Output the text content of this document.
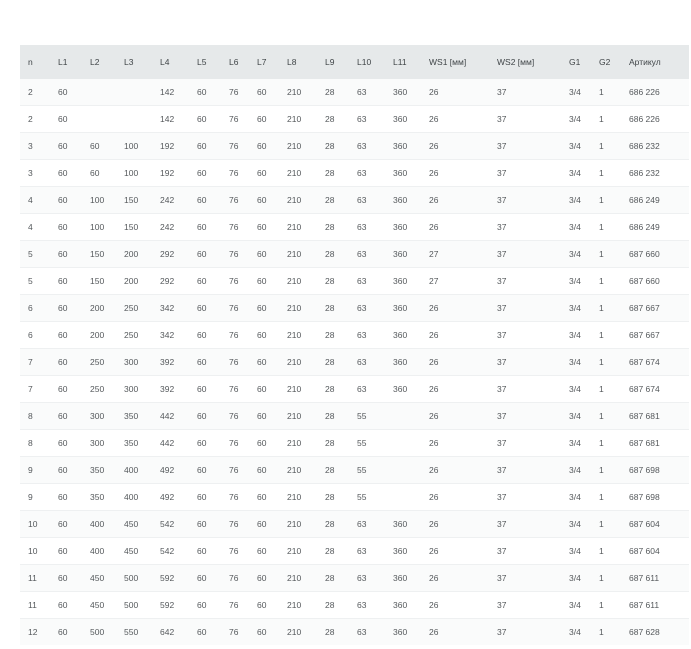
n	L1	L2	L3	L4	L5	L6	L7	L8	L9	L10	L11	WS1 [мм]	WS2 [мм]	G1	G2	Артикул
2	60			142	60	76	60	210	28	63	360	26	37	3/4	1	686 226
2	60			142	60	76	60	210	28	63	360	26	37	3/4	1	686 226
3	60	60	100	192	60	76	60	210	28	63	360	26	37	3/4	1	686 232
3	60	60	100	192	60	76	60	210	28	63	360	26	37	3/4	1	686 232
4	60	100	150	242	60	76	60	210	28	63	360	26	37	3/4	1	686 249
4	60	100	150	242	60	76	60	210	28	63	360	26	37	3/4	1	686 249
5	60	150	200	292	60	76	60	210	28	63	360	27	37	3/4	1	687 660
5	60	150	200	292	60	76	60	210	28	63	360	27	37	3/4	1	687 660
6	60	200	250	342	60	76	60	210	28	63	360	26	37	3/4	1	687 667
6	60	200	250	342	60	76	60	210	28	63	360	26	37	3/4	1	687 667
7	60	250	300	392	60	76	60	210	28	63	360	26	37	3/4	1	687 674
7	60	250	300	392	60	76	60	210	28	63	360	26	37	3/4	1	687 674
8	60	300	350	442	60	76	60	210	28	55		26	37	3/4	1	687 681
8	60	300	350	442	60	76	60	210	28	55		26	37	3/4	1	687 681
9	60	350	400	492	60	76	60	210	28	55		26	37	3/4	1	687 698
9	60	350	400	492	60	76	60	210	28	55		26	37	3/4	1	687 698
10	60	400	450	542	60	76	60	210	28	63	360	26	37	3/4	1	687 604
10	60	400	450	542	60	76	60	210	28	63	360	26	37	3/4	1	687 604
11	60	450	500	592	60	76	60	210	28	63	360	26	37	3/4	1	687 611
11	60	450	500	592	60	76	60	210	28	63	360	26	37	3/4	1	687 611
12	60	500	550	642	60	76	60	210	28	63	360	26	37	3/4	1	687 628
